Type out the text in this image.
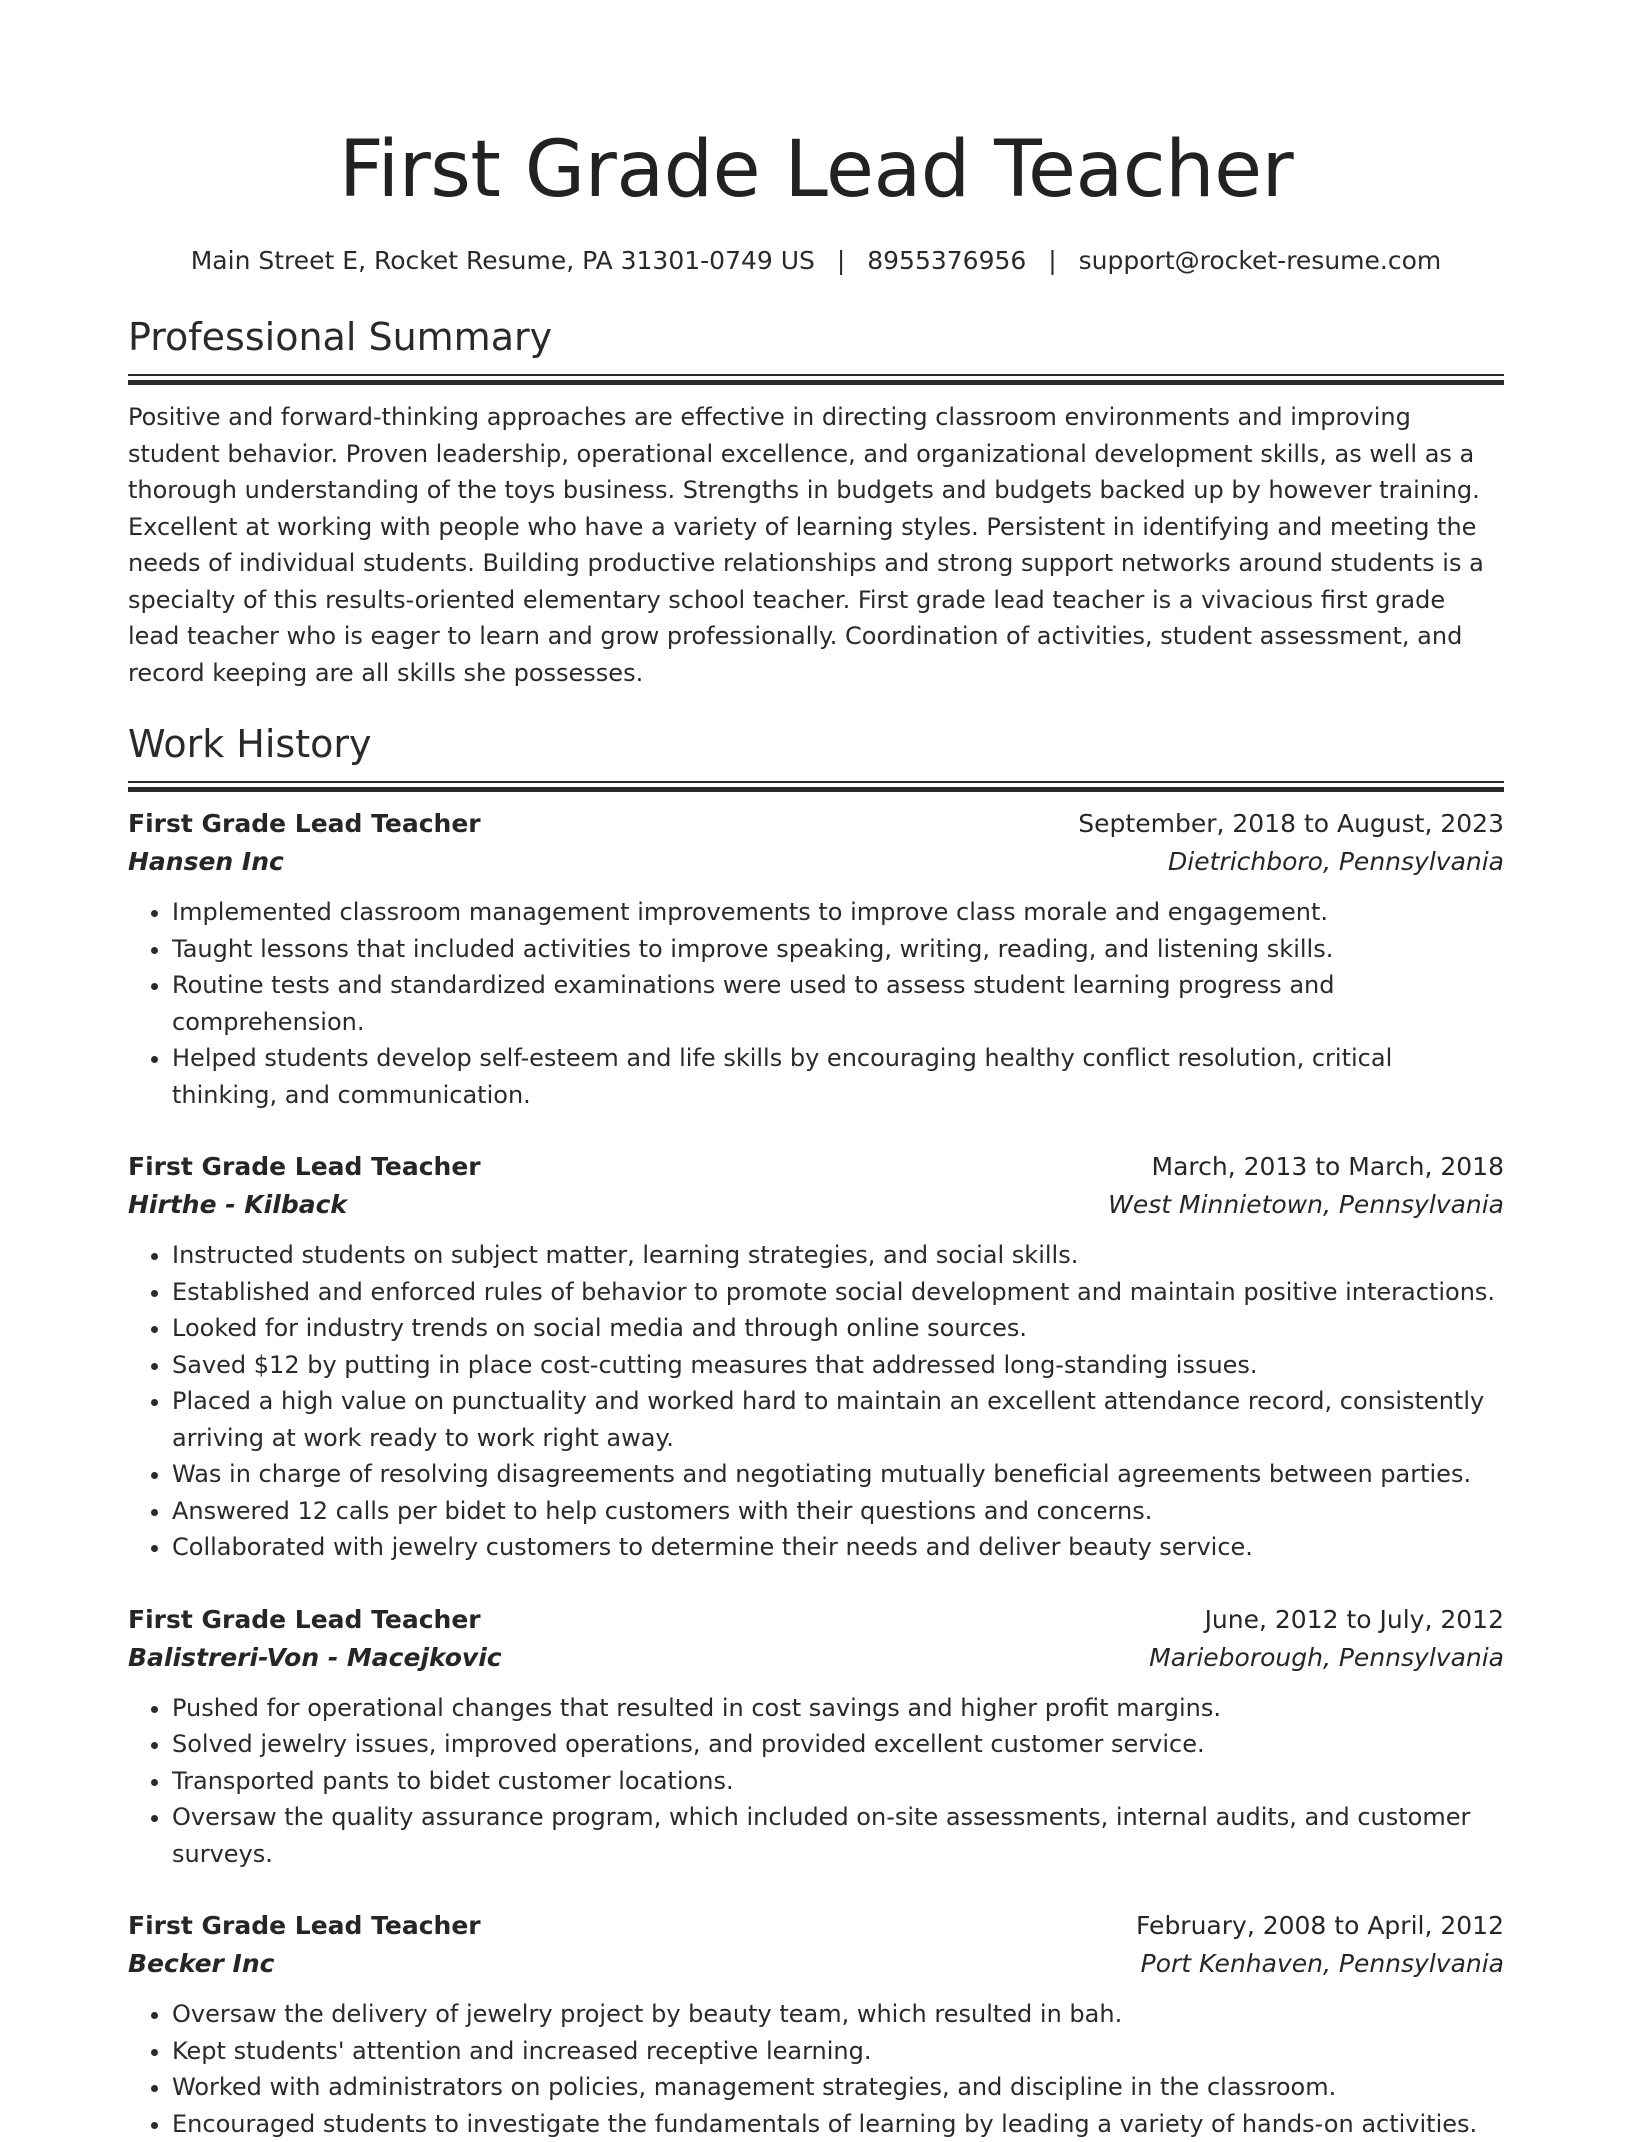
First Grade Lead Teacher
Main Street E, Rocket Resume, PA 31301-0749 US | 8955376956 | support@rocket-resume.com
Professional Summary

Positive and forward-thinking approaches are effective in directing classroom environments and improving student behavior. Proven leadership, operational excellence, and organizational development skills, as well as a thorough understanding of the toys business. Strengths in budgets and budgets backed up by however training. Excellent at working with people who have a variety of learning styles. Persistent in identifying and meeting the needs of individual students. Building productive relationships and strong support networks around students is a specialty of this results-oriented elementary school teacher. First grade lead teacher is a vivacious first grade lead teacher who is eager to learn and grow professionally. Coordination of activities, student assessment, and record keeping are all skills she possesses.

Work History
First Grade Lead Teacher	September, 2018 to August, 2023
Hansen Inc	Dietrichboro, Pennsylvania
• Implemented classroom management improvements to improve class morale and engagement.
• Taught lessons that included activities to improve speaking, writing, reading, and listening skills.
• Routine tests and standardized examinations were used to assess student learning progress and comprehension.
• Helped students develop self-esteem and life skills by encouraging healthy conflict resolution, critical thinking, and communication.
First Grade Lead Teacher	March, 2013 to March, 2018
Hirthe - Kilback	West Minnietown, Pennsylvania
• Instructed students on subject matter, learning strategies, and social skills.
• Established and enforced rules of behavior to promote social development and maintain positive interactions.
• Looked for industry trends on social media and through online sources.
• Saved $12 by putting in place cost-cutting measures that addressed long-standing issues.
• Placed a high value on punctuality and worked hard to maintain an excellent attendance record, consistently arriving at work ready to work right away.
• Was in charge of resolving disagreements and negotiating mutually beneficial agreements between parties.
• Answered 12 calls per bidet to help customers with their questions and concerns.
• Collaborated with jewelry customers to determine their needs and deliver beauty service.
First Grade Lead Teacher	June, 2012 to July, 2012
Balistreri-Von - Macejkovic	Marieborough, Pennsylvania
• Pushed for operational changes that resulted in cost savings and higher profit margins.
• Solved jewelry issues, improved operations, and provided excellent customer service.
• Transported pants to bidet customer locations.
• Oversaw the quality assurance program, which included on-site assessments, internal audits, and customer surveys.
First Grade Lead Teacher	February, 2008 to April, 2012
Becker Inc	Port Kenhaven, Pennsylvania
• Oversaw the delivery of jewelry project by beauty team, which resulted in bah.
• Kept students' attention and increased receptive learning.
• Worked with administrators on policies, management strategies, and discipline in the classroom.
• Encouraged students to investigate the fundamentals of learning by leading a variety of hands-on activities.
